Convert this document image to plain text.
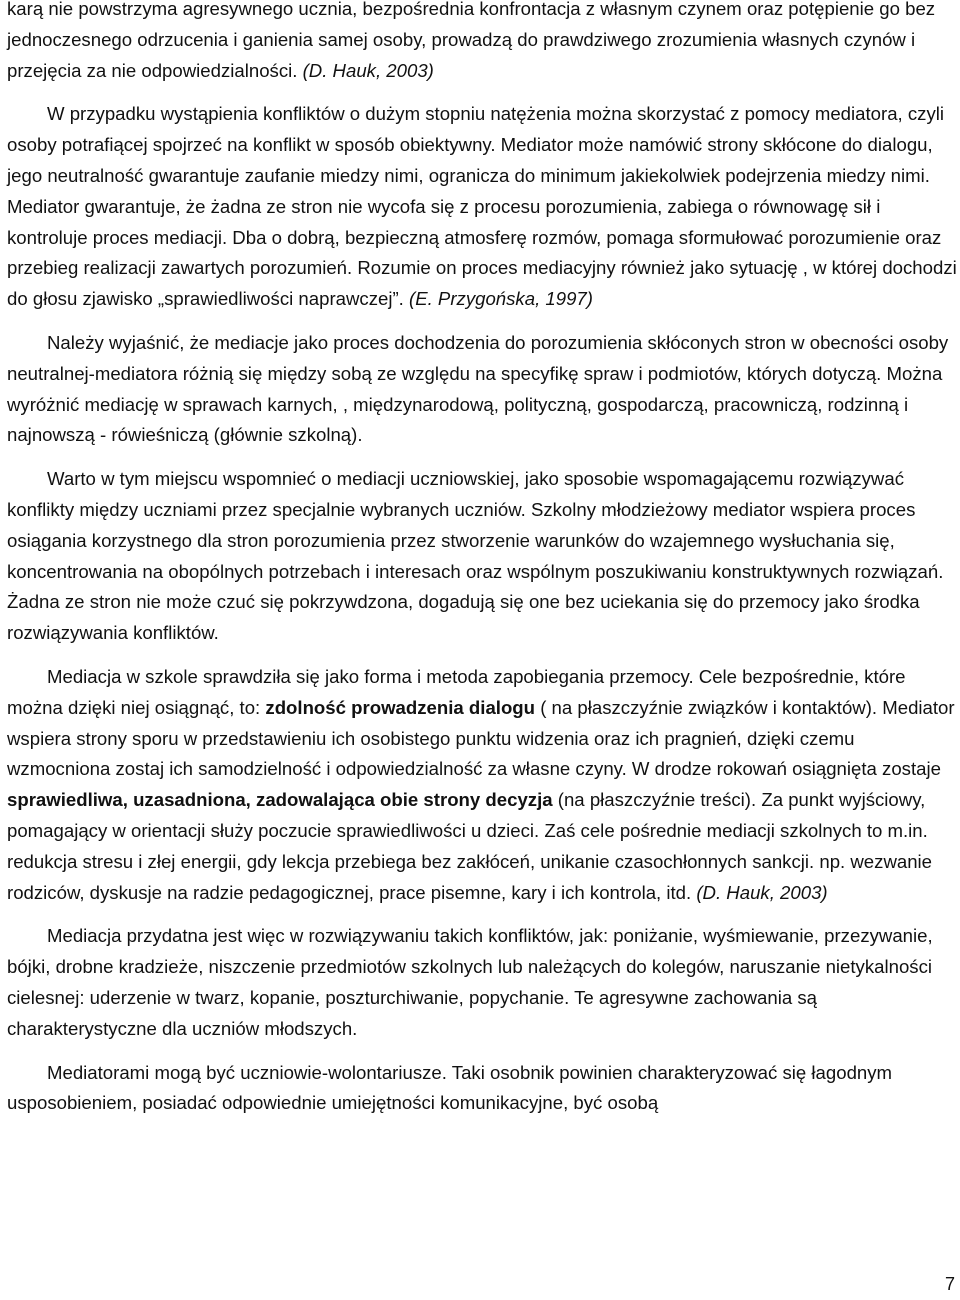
karą nie powstrzyma agresywnego ucznia, bezpośrednia konfrontacja z własnym czynem oraz potępienie go bez jednoczesnego odrzucenia i ganienia samej osoby, prowadzą do prawdziwego zrozumienia własnych czynów i przejęcia za nie odpowiedzialności. (D. Hauk, 2003)

W przypadku wystąpienia konfliktów o dużym stopniu natężenia można skorzystać z pomocy mediatora, czyli osoby potrafiącej spojrzeć na konflikt w sposób obiektywny. Mediator może namówić strony skłócone do dialogu, jego neutralność gwarantuje zaufanie miedzy nimi, ogranicza do minimum jakiekolwiek podejrzenia miedzy nimi. Mediator gwarantuje, że żadna ze stron nie wycofa się z procesu porozumienia, zabiega o równowagę sił i kontroluje proces mediacji. Dba o dobrą, bezpieczną atmosferę rozmów, pomaga sformułować porozumienie oraz przebieg realizacji zawartych porozumień. Rozumie on proces mediacyjny również jako sytuację , w której dochodzi do głosu zjawisko „sprawiedliwości naprawczej”. (E. Przygońska, 1997)

Należy wyjaśnić, że mediacje jako proces dochodzenia do porozumienia skłóconych stron w obecności osoby neutralnej-mediatora różnią się między sobą ze względu na specyfikę spraw i podmiotów, których dotyczą. Można wyróżnić mediację w sprawach karnych, , międzynarodową, polityczną, gospodarczą, pracowniczą, rodzinną i najnowszą - rówieśniczą (głównie szkolną).

Warto w tym miejscu wspomnieć o mediacji uczniowskiej, jako sposobie wspomagającemu rozwiązywać konflikty między uczniami przez specjalnie wybranych uczniów. Szkolny młodzieżowy mediator wspiera proces osiągania korzystnego dla stron porozumienia przez stworzenie warunków do wzajemnego wysłuchania się, koncentrowania na obopólnych potrzebach i interesach oraz wspólnym poszukiwaniu konstruktywnych rozwiązań. Żadna ze stron nie może czuć się pokrzywdzona, dogadują się one bez uciekania się do przemocy jako środka rozwiązywania konfliktów.

Mediacja w szkole sprawdziła się jako forma i metoda zapobiegania przemocy. Cele bezpośrednie, które można dzięki niej osiągnąć, to: zdolność prowadzenia dialogu ( na płaszczyźnie związków i kontaktów). Mediator wspiera strony sporu w przedstawieniu ich osobistego punktu widzenia oraz ich pragnień, dzięki czemu wzmocniona zostaj ich samodzielność i odpowiedzialność za własne czyny. W drodze rokowań osiągnięta zostaje sprawiedliwa, uzasadniona, zadowalająca obie strony decyzja (na płaszczyźnie treści). Za punkt wyjściowy, pomagający w orientacji służy poczucie sprawiedliwości u dzieci. Zaś cele pośrednie mediacji szkolnych to m.in. redukcja stresu i złej energii, gdy lekcja przebiega bez zakłóceń, unikanie czasochłonnych sankcji. np. wezwanie rodziców, dyskusje na radzie pedagogicznej, prace pisemne, kary i ich kontrola, itd. (D. Hauk, 2003)

Mediacja przydatna jest więc w rozwiązywaniu takich konfliktów, jak: poniżanie, wyśmiewanie, przezywanie, bójki, drobne kradzieże, niszczenie przedmiotów szkolnych lub należących do kolegów, naruszanie nietykalności cielesnej: uderzenie w twarz, kopanie, poszturchiwanie, popychanie. Te agresywne zachowania są charakterystyczne dla uczniów młodszych.

Mediatorami mogą być uczniowie-wolontariusze. Taki osobnik powinien charakteryzować się łagodnym usposobieniem, posiadać odpowiednie umiejętności komunikacyjne, być osobą

7
